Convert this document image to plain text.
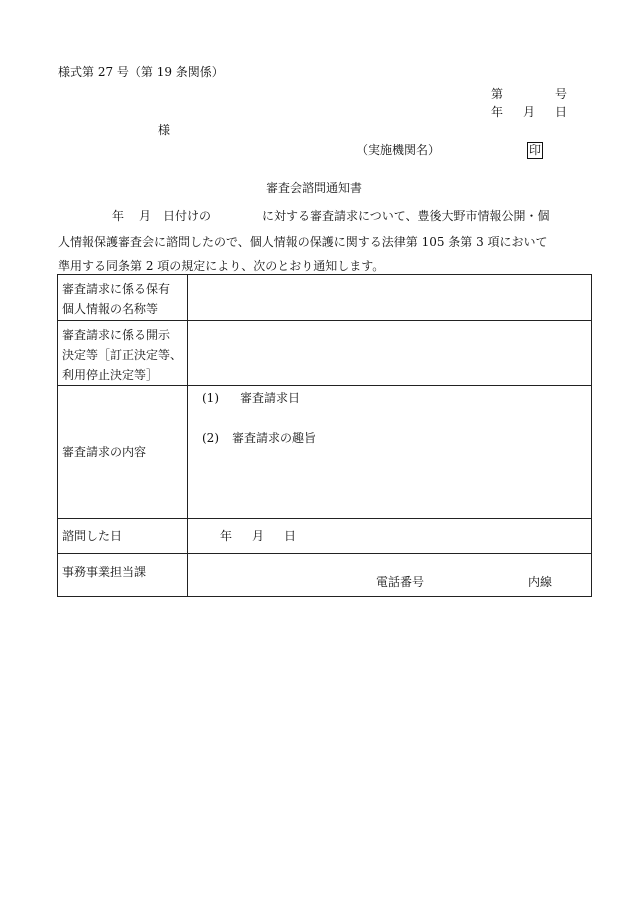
様式第 27 号（第 19 条関係）
第	号
年 月 日
様
（実施機関名）	印
審査会諮問通知書
年 月 日付けの	に対する審査請求について、豊後大野市情報公開・個
人情報保護審査会に諮問したので、個人情報の保護に関する法律第 105 条第 3 項において
準用する同条第 2 項の規定により、次のとおり通知します。
審査請求に係る保有
個人情報の名称等	

審査請求に係る開示
決定等［訂正決定等、
利用停止決定等］	

審査請求の内容	(1) 審査請求日
(2) 審査請求の趣旨

諮問した日	年 月 日

事務事業担当課	電話番号 内線
